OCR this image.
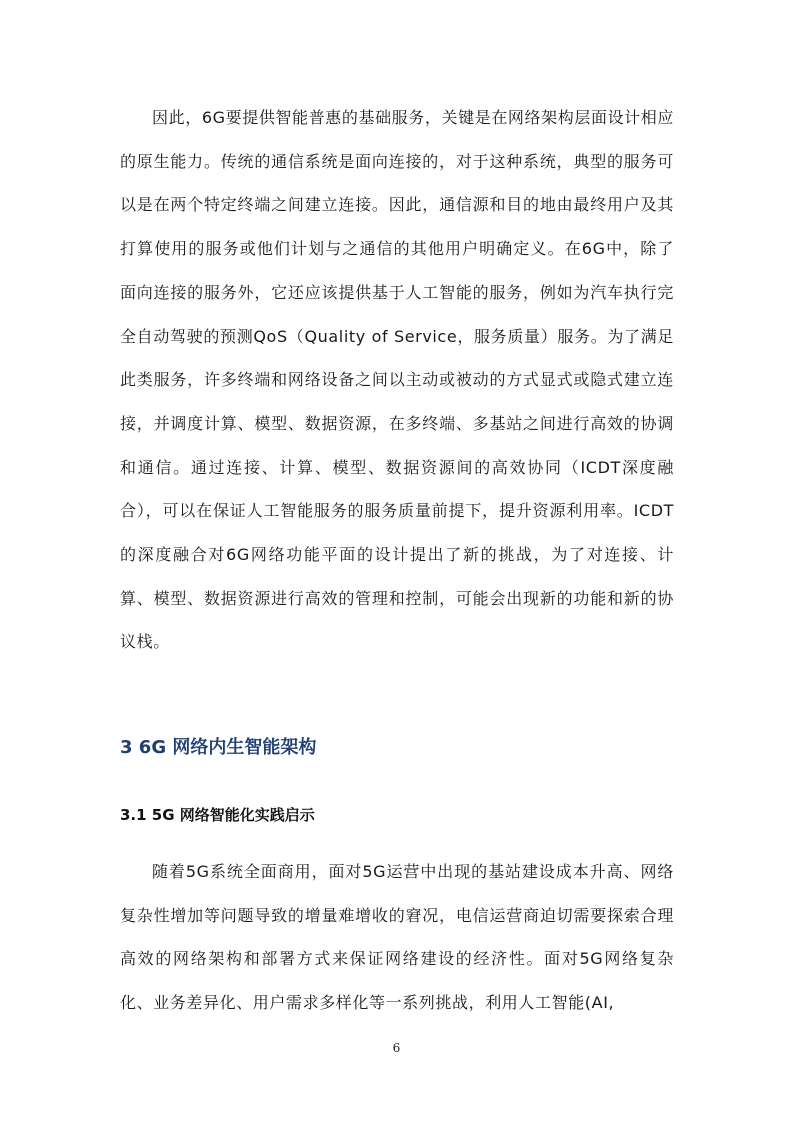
因此，6G要提供智能普惠的基础服务，关键是在网络架构层面设计相应的原生能力。传统的通信系统是面向连接的，对于这种系统，典型的服务可以是在两个特定终端之间建立连接。因此，通信源和目的地由最终用户及其打算使用的服务或他们计划与之通信的其他用户明确定义。在6G中，除了面向连接的服务外，它还应该提供基于人工智能的服务，例如为汽车执行完全自动驾驶的预测QoS（Quality of Service，服务质量）服务。为了满足此类服务，许多终端和网络设备之间以主动或被动的方式显式或隐式建立连接，并调度计算、模型、数据资源，在多终端、多基站之间进行高效的协调和通信。通过连接、计算、模型、数据资源间的高效协同（ICDT深度融合），可以在保证人工智能服务的服务质量前提下，提升资源利用率。ICDT的深度融合对6G网络功能平面的设计提出了新的挑战，为了对连接、计算、模型、数据资源进行高效的管理和控制，可能会出现新的功能和新的协议栈。

3 6G 网络内生智能架构
3.1 5G 网络智能化实践启示

随着5G系统全面商用，面对5G运营中出现的基站建设成本升高、网络复杂性增加等问题导致的增量难增收的窘况，电信运营商迫切需要探索合理高效的网络架构和部署方式来保证网络建设的经济性。面对5G网络复杂化、业务差异化、用户需求多样化等一系列挑战，利用人工智能(AI,

6
